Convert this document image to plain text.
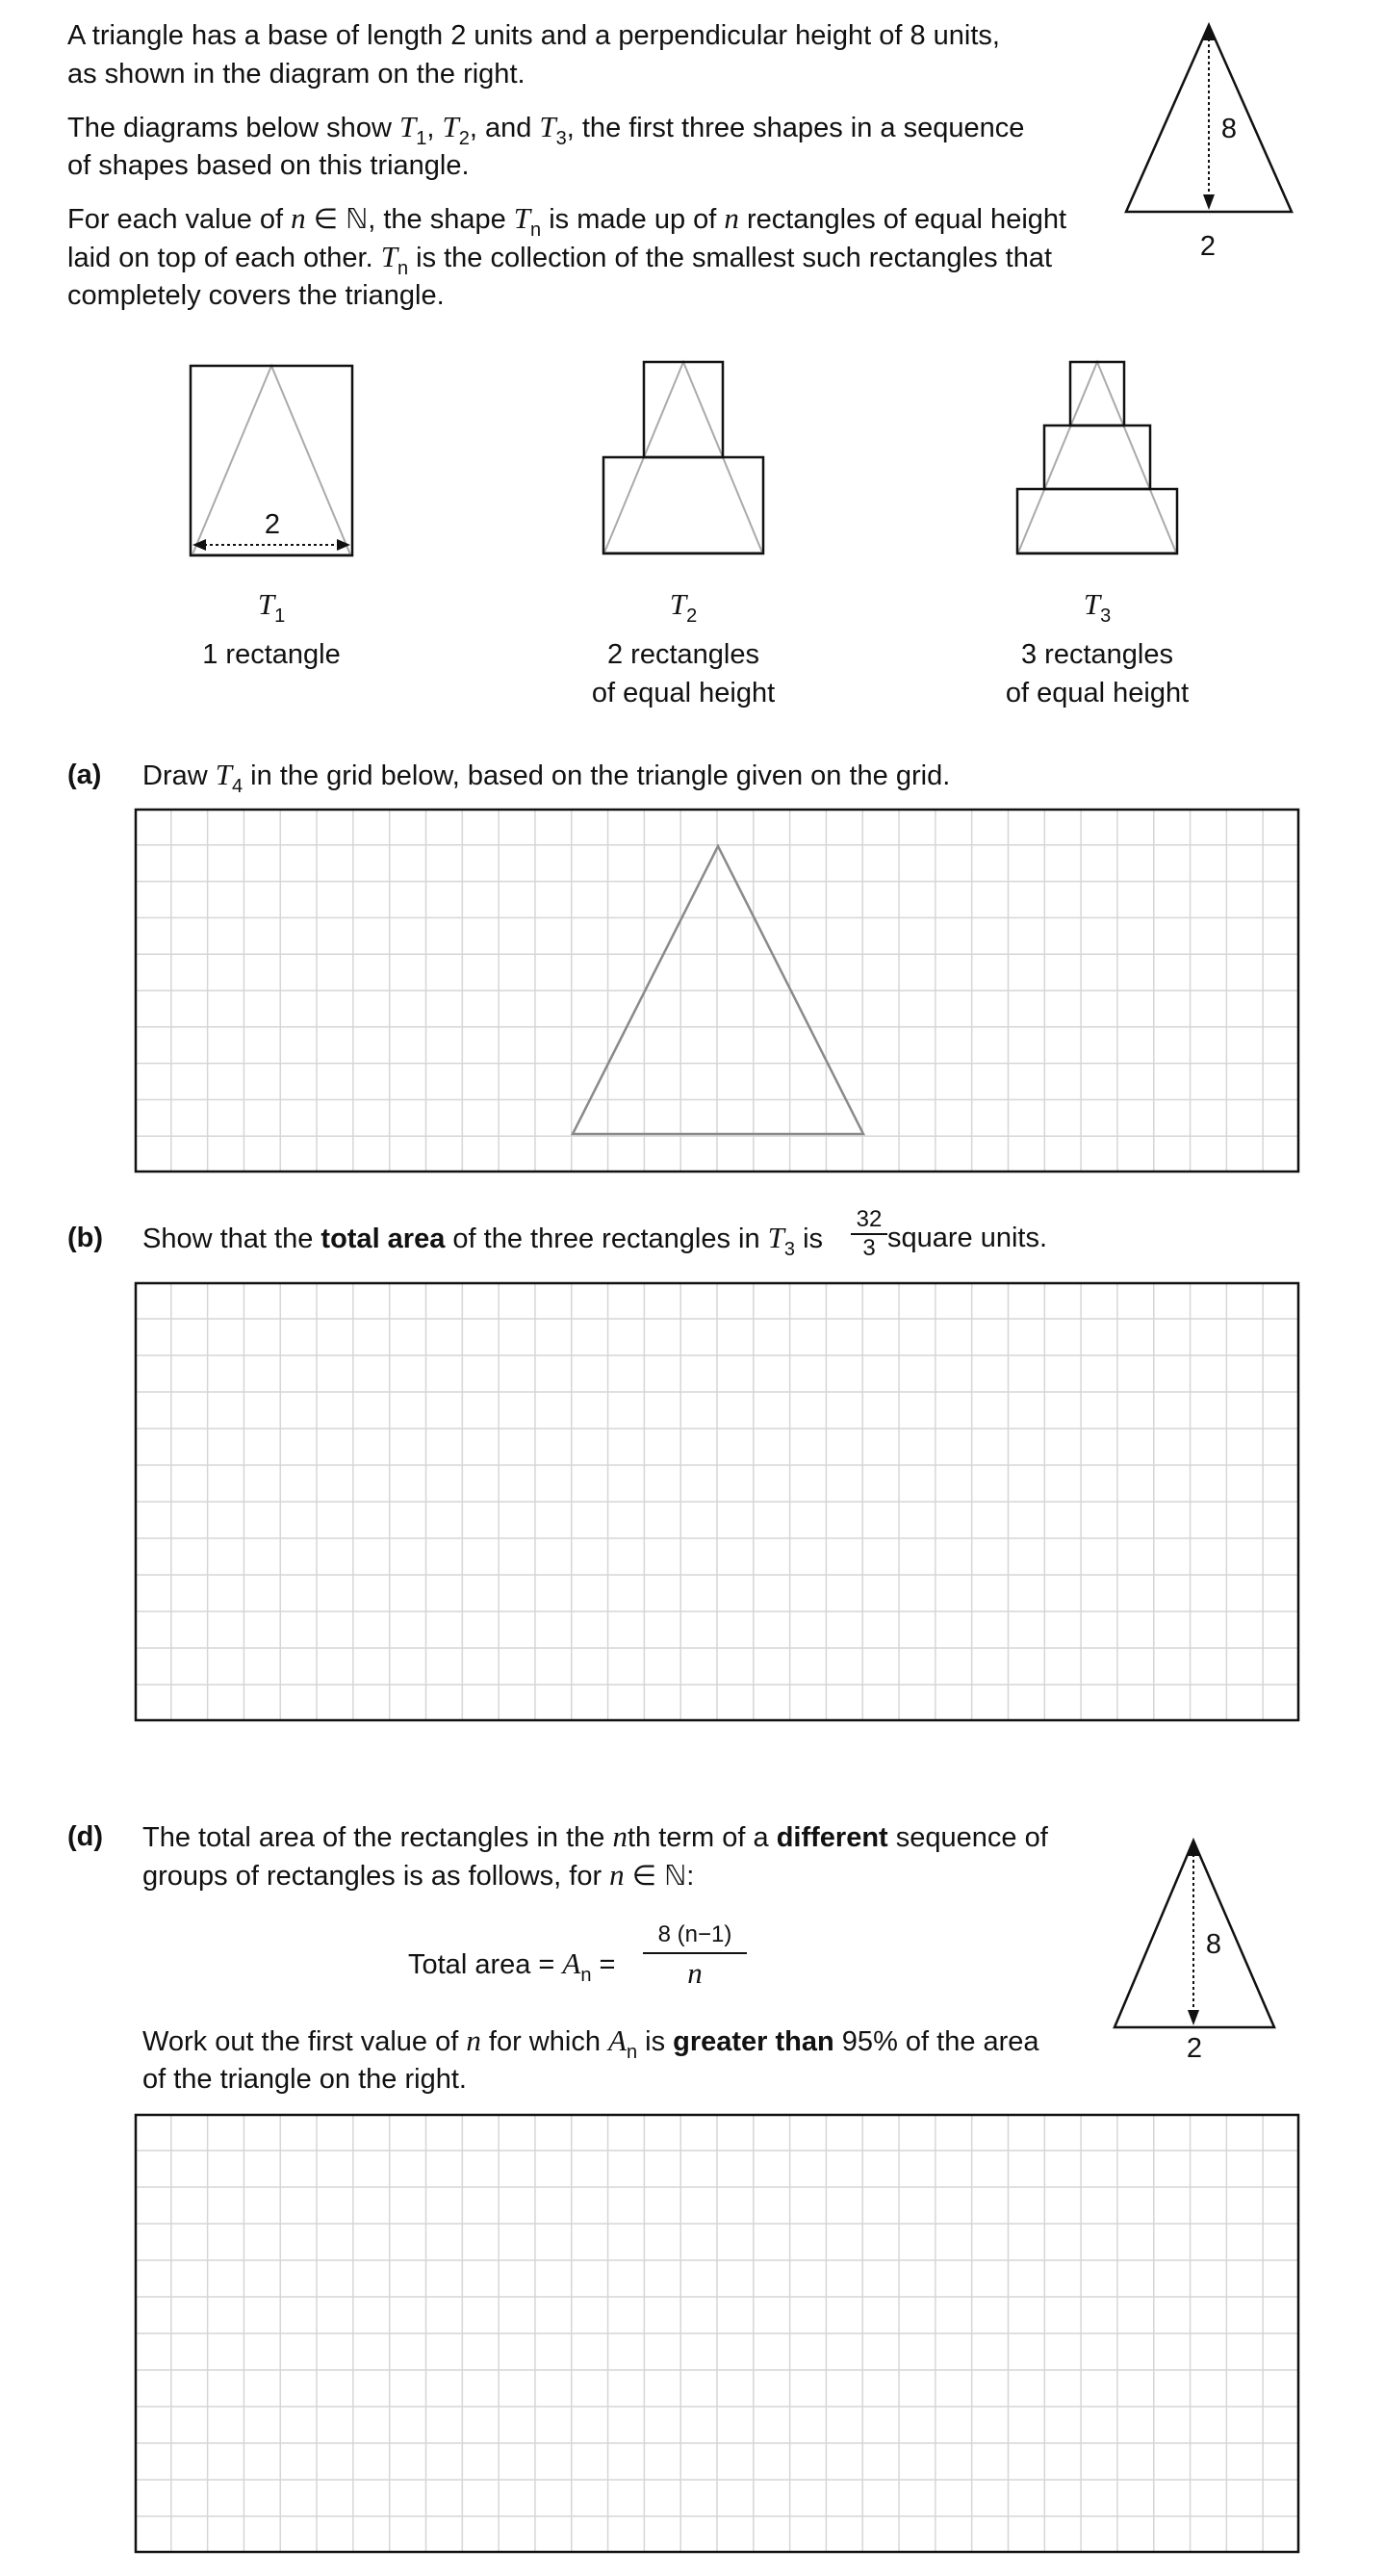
A triangle has a base of length 2 units and a perpendicular height of 8 units,
as shown in the diagram on the right.
The diagrams below show $T_1$, $T_2$, and $T_3$, the first three shapes in a sequence
of shapes based on this triangle.
For each value of n ∈ ℕ, the shape $T_n$ is made up of n rectangles of equal height
laid on top of each other. $T_n$ is the collection of the smallest such rectangles that
completely covers the triangle.
8
2
2
$T_1$
1 rectangle
$T_2$
2 rectangles
of equal height
$T_3$
3 rectangles
of equal height
(a) Draw $T_4$ in the grid below, based on the triangle given on the grid.
(b) Show that the total area of the three rectangles in $T_3$ is $\frac{32}{3}$ square units.
(d) The total area of the rectangles in the nth term of a different sequence of
groups of rectangles is as follows, for n ∈ ℕ:
Total area = $A_n$ =
8 (n−1)
n
Work out the first value of n for which $A_n$ is greater than 95% of the area
of the triangle on the right.
8
2
